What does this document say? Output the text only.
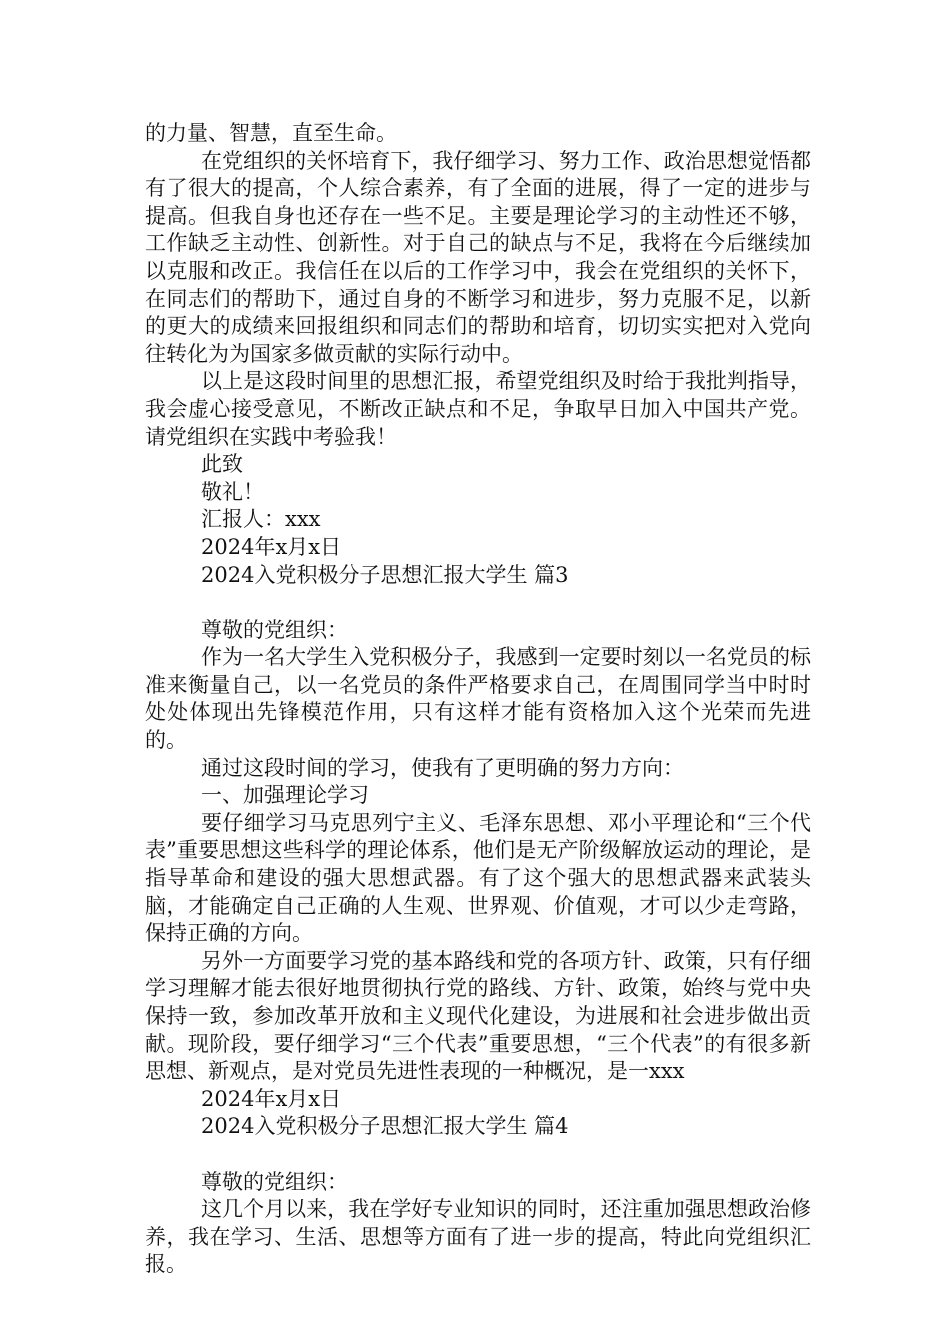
的力量、智慧，直至生命。

在党组织的关怀培育下，我仔细学习、努力工作、政治思想觉悟都有了很大的提高，个人综合素养，有了全面的进展，得了一定的进步与提高。但我自身也还存在一些不足。主要是理论学习的主动性还不够，工作缺乏主动性、创新性。对于自己的缺点与不足，我将在今后继续加以克服和改正。我信任在以后的工作学习中，我会在党组织的关怀下，在同志们的帮助下，通过自身的不断学习和进步，努力克服不足，以新的更大的成绩来回报组织和同志们的帮助和培育，切切实实把对入党向往转化为为国家多做贡献的实际行动中。

以上是这段时间里的思想汇报，希望党组织及时给于我批判指导，我会虚心接受意见，不断改正缺点和不足，争取早日加入中国共产党。请党组织在实践中考验我！

此致

敬礼！

汇报人：xxx

2024年x月x日

2024入党积极分子思想汇报大学生 篇3

尊敬的党组织：

作为一名大学生入党积极分子，我感到一定要时刻以一名党员的标准来衡量自己，以一名党员的条件严格要求自己，在周围同学当中时时处处体现出先锋模范作用，只有这样才能有资格加入这个光荣而先进的。

通过这段时间的学习，使我有了更明确的努力方向：

一、加强理论学习

要仔细学习马克思列宁主义、毛泽东思想、邓小平理论和“三个代表”重要思想这些科学的理论体系，他们是无产阶级解放运动的理论，是指导革命和建设的强大思想武器。有了这个强大的思想武器来武装头脑，才能确定自己正确的人生观、世界观、价值观，才可以少走弯路，保持正确的方向。

另外一方面要学习党的基本路线和党的各项方针、政策，只有仔细学习理解才能去很好地贯彻执行党的路线、方针、政策，始终与党中央保持一致，参加改革开放和主义现代化建设，为进展和社会进步做出贡献。现阶段，要仔细学习“三个代表”重要思想，“三个代表”的有很多新思想、新观点，是对党员先进性表现的一种概况，是一xxx

2024年x月x日

2024入党积极分子思想汇报大学生 篇4

尊敬的党组织：

这几个月以来，我在学好专业知识的同时，还注重加强思想政治修养，我在学习、生活、思想等方面有了进一步的提高，特此向党组织汇报。
